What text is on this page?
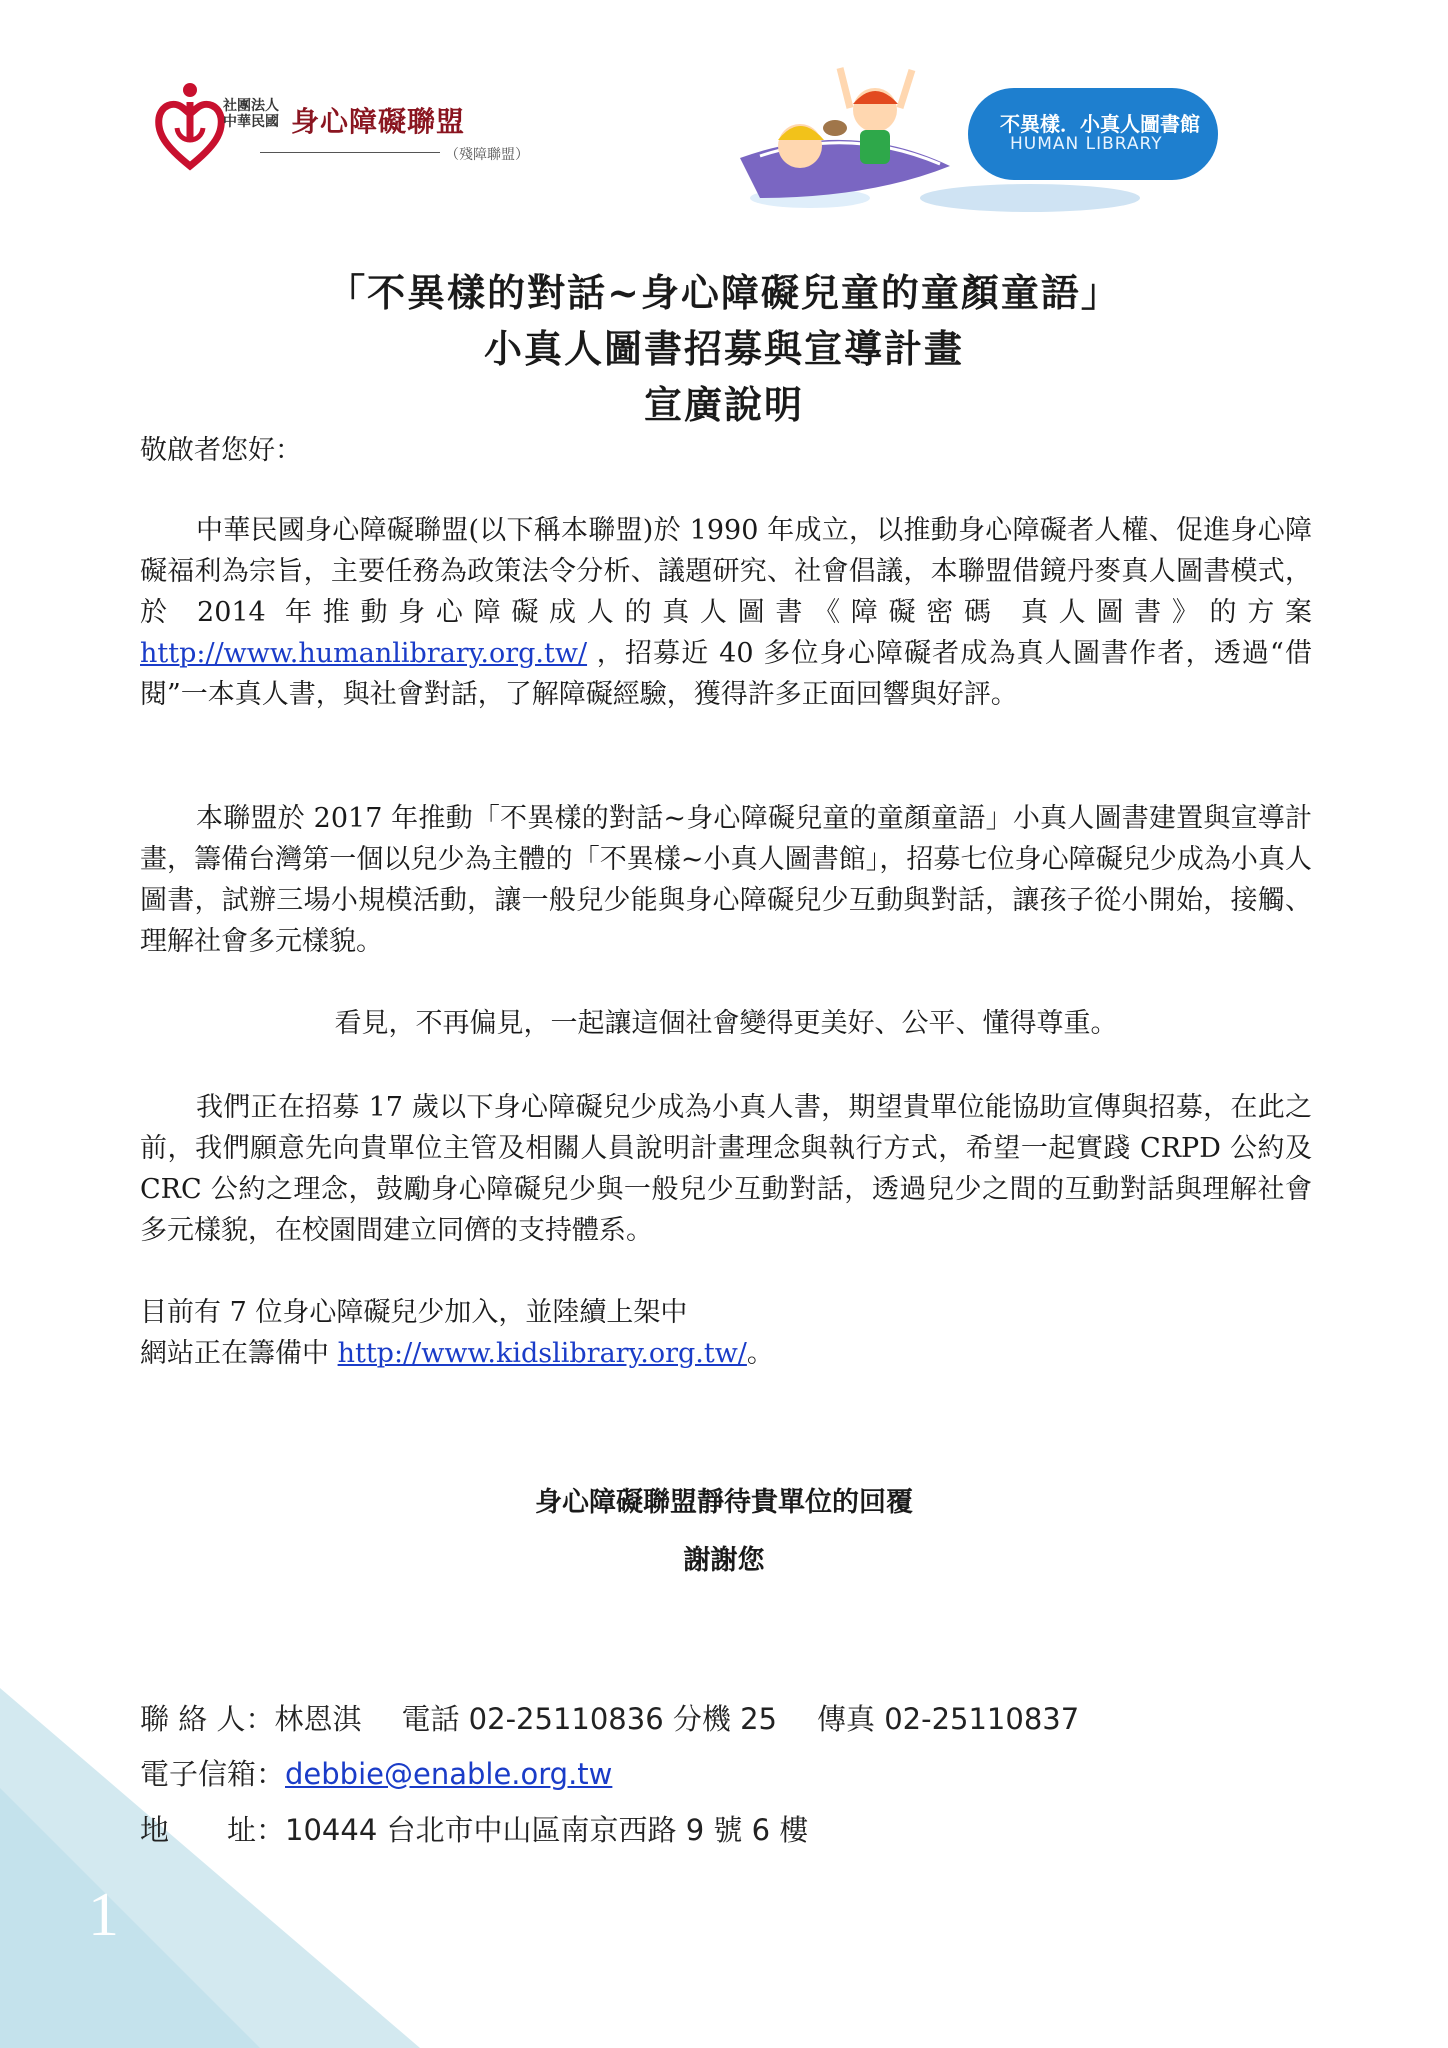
1
社團法人
中華民國 身心障礙聯盟
（殘障聯盟）
不異樣．小真人圖書館
HUMAN LIBRARY
「不異樣的對話~身心障礙兒童的童顏童語」
小真人圖書招募與宣導計畫
宣廣說明
敬啟者您好：
中華民國身心障礙聯盟(以下稱本聯盟)於 1990 年成立，以推動身心障礙者人權、促進身心障礙福利為宗旨，主要任務為政策法令分析、議題研究、社會倡議，本聯盟借鏡丹麥真人圖書模式，於 2014 年推動身心障礙成人的真人圖書《障礙密碼 真人圖書》的方案 http://www.humanlibrary.org.tw/ ，招募近 40 多位身心障礙者成為真人圖書作者，透過“借閱”一本真人書，與社會對話，了解障礙經驗，獲得許多正面回響與好評。
本聯盟於 2017 年推動「不異樣的對話~身心障礙兒童的童顏童語」小真人圖書建置與宣導計畫，籌備台灣第一個以兒少為主體的「不異樣~小真人圖書館」，招募七位身心障礙兒少成為小真人圖書，試辦三場小規模活動，讓一般兒少能與身心障礙兒少互動與對話，讓孩子從小開始，接觸、理解社會多元樣貌。
看見，不再偏見，一起讓這個社會變得更美好、公平、懂得尊重。
我們正在招募 17 歲以下身心障礙兒少成為小真人書，期望貴單位能協助宣傳與招募，在此之前，我們願意先向貴單位主管及相關人員說明計畫理念與執行方式，希望一起實踐 CRPD 公約及 CRC 公約之理念，鼓勵身心障礙兒少與一般兒少互動對話，透過兒少之間的互動對話與理解社會多元樣貌，在校園間建立同儕的支持體系。
目前有 7 位身心障礙兒少加入，並陸續上架中
網站正在籌備中 http://www.kidslibrary.org.tw/。
身心障礙聯盟靜待貴單位的回覆
謝謝您
聯 絡 人：林恩淇 電話 02-25110836 分機 25 傳真 02-25110837
電子信箱：debbie@enable.org.tw
地　　址：10444 台北市中山區南京西路 9 號 6 樓
